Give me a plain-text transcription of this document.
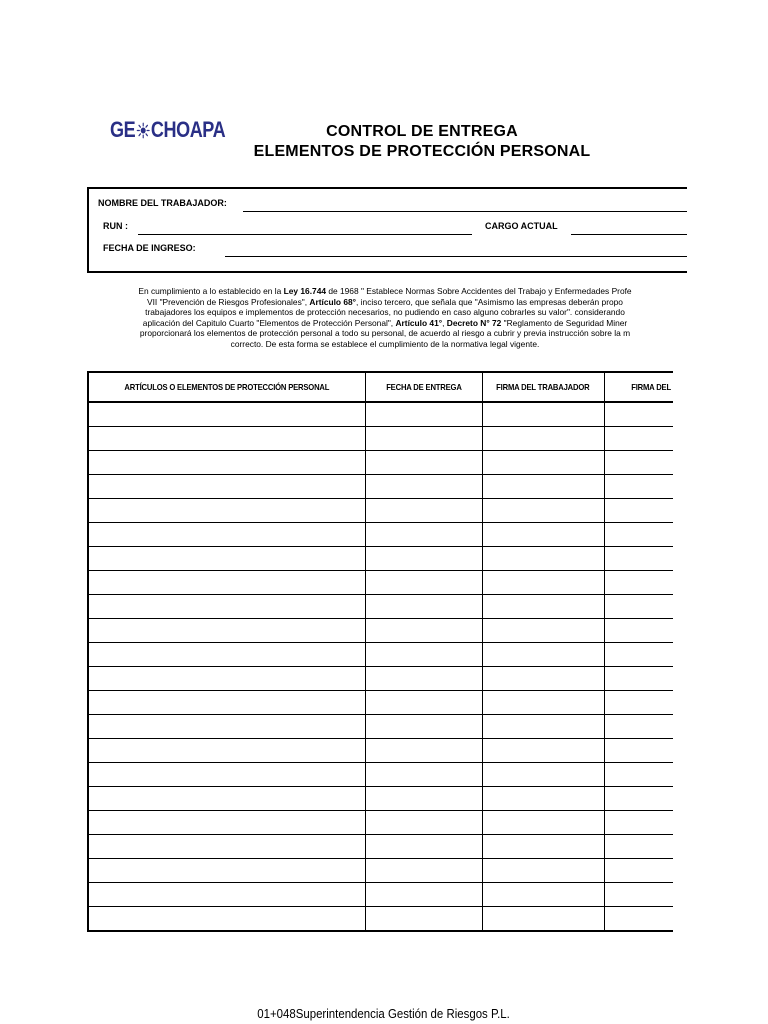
GE CHOAPA	CONTROL DE ENTREGA
ELEMENTOS DE PROTECCIÓN PERSONAL
NOMBRE DEL TRABAJADOR:
RUN :	CARGO ACTUAL
FECHA DE INGRESO:
En cumplimiento a lo establecido en la Ley 16.744 de 1968 " Establece Normas Sobre Accidentes del Trabajo y Enfermedades Profe
VII "Prevención de Riesgos Profesionales", Artículo 68°, inciso tercero, que señala que "Asimismo las empresas deberán propo
trabajadores los equipos e implementos de protección necesarios, no pudiendo en caso alguno cobrarles su valor". considerando
aplicación del Capitulo Cuarto "Elementos de Protección Personal", Artículo 41°, Decreto N° 72 "Reglamento de Seguridad Miner
proporcionará los elementos de protección personal a todo su personal, de acuerdo al riesgo a cubrir y previa instrucción sobre la m
correcto. De esta forma se establece el cumplimiento de la normativa legal vigente.
ARTÍCULOS O ELEMENTOS DE PROTECCIÓN PERSONAL	FECHA DE ENTREGA	FIRMA DEL TRABAJADOR	FIRMA DEL

01+048Superintendencia Gestión de Riesgos P.L.
